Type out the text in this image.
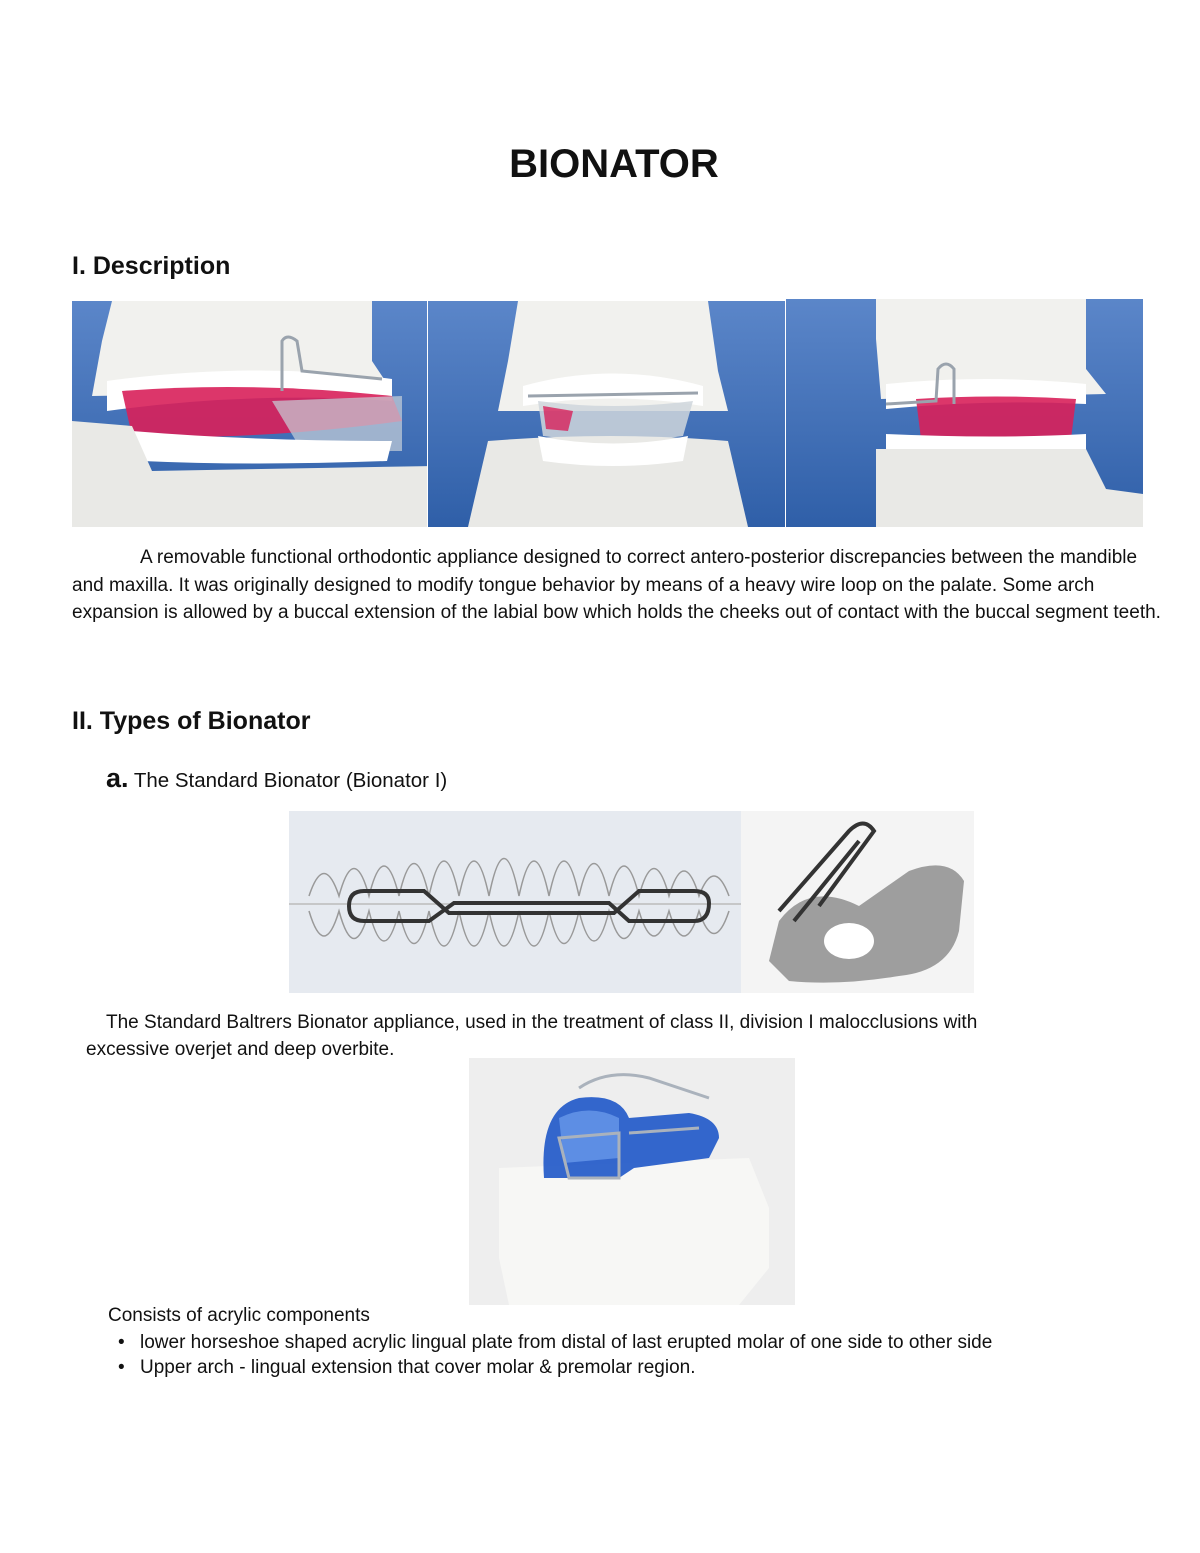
BIONATOR
I. Description
A removable functional orthodontic appliance designed to correct antero-posterior discrepancies between the mandible and maxilla. It was originally designed to modify tongue behavior by means of a heavy wire loop on the palate. Some arch expansion is allowed by a buccal extension of the labial bow which holds the cheeks out of contact with the buccal segment teeth.
II. Types of Bionator
a. The Standard Bionator (Bionator I)
The Standard Baltrers Bionator appliance, used in the treatment of class II, division I malocclusions with
excessive overjet and deep overbite.
Consists of acrylic components
• lower horseshoe shaped acrylic lingual plate from distal of last erupted molar of one side to other side
• Upper arch - lingual extension that cover molar & premolar region.
